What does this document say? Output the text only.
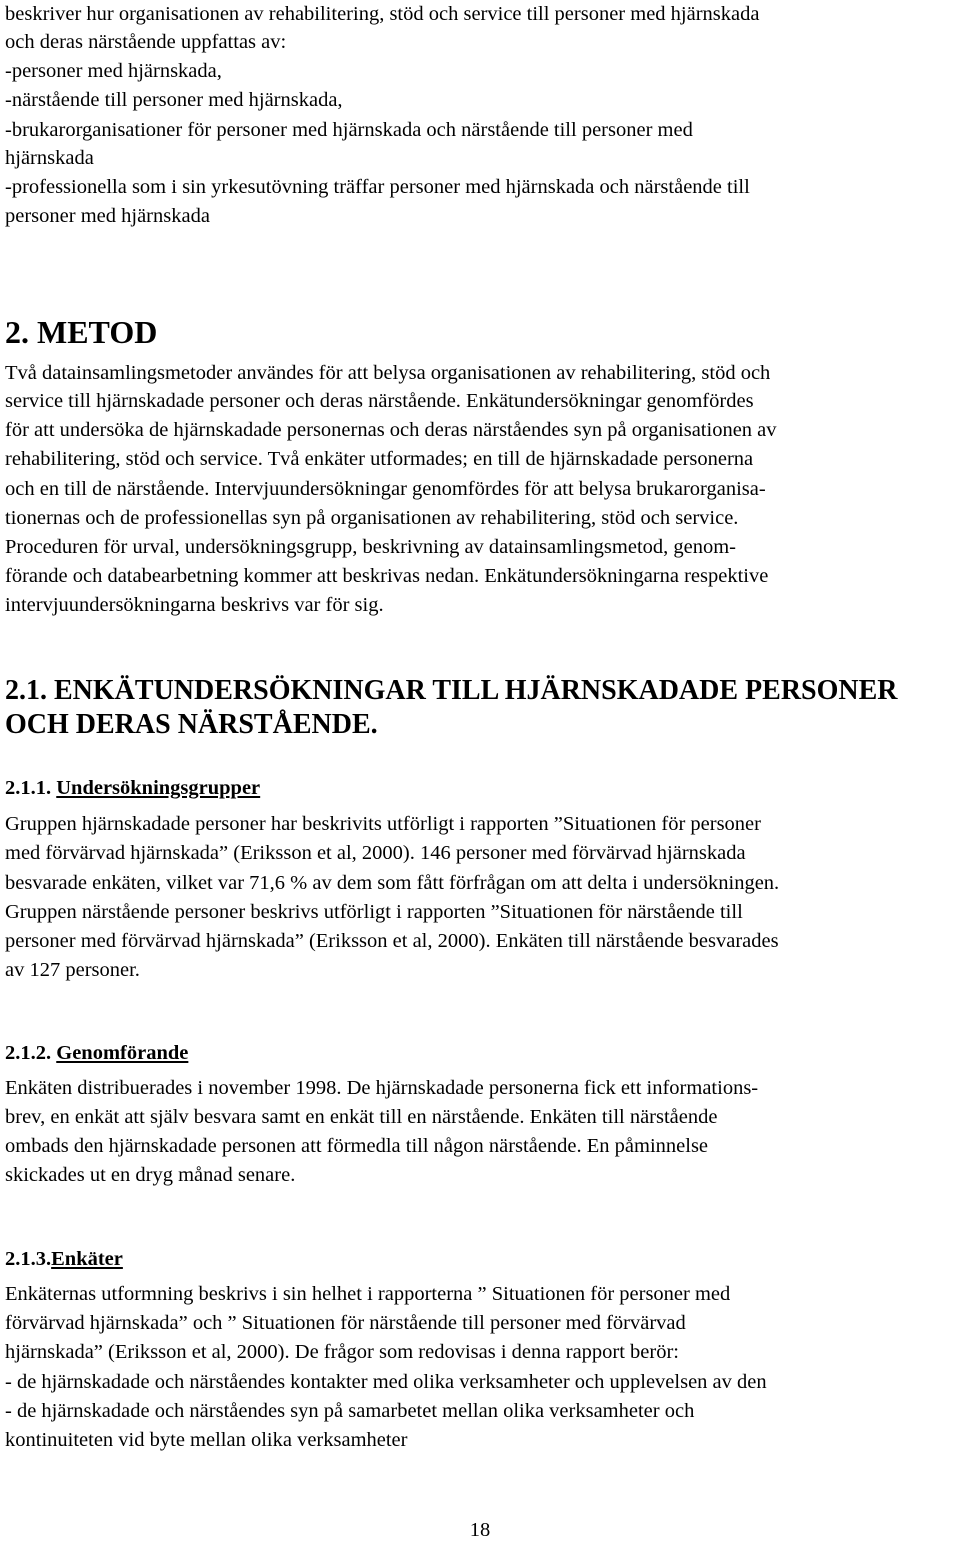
beskriver hur organisationen av rehabilitering, stöd och service till personer med hjärnskada
och deras närstående uppfattas av:
-personer med hjärnskada,
-närstående till personer med hjärnskada,
-brukarorganisationer för personer med hjärnskada och närstående till personer med
hjärnskada
-professionella som i sin yrkesutövning träffar personer med hjärnskada och närstående till
personer med hjärnskada
2. METOD
Två datainsamlingsmetoder användes för att belysa organisationen av rehabilitering, stöd och
service till hjärnskadade personer och deras närstående. Enkätundersökningar genomfördes
för att undersöka de hjärnskadade personernas och deras närståendes syn på organisationen av
rehabilitering, stöd och service. Två enkäter utformades; en till de hjärnskadade personerna
och en till de närstående. Intervjuundersökningar genomfördes för att belysa brukarorganisa-
tionernas och de professionellas syn på organisationen av rehabilitering, stöd och service.
Proceduren för urval, undersökningsgrupp, beskrivning av datainsamlingsmetod, genom-
förande och databearbetning kommer att beskrivas nedan. Enkätundersökningarna respektive
intervjuundersökningarna beskrivs var för sig.
2.1. ENKÄTUNDERSÖKNINGAR TILL HJÄRNSKADADE PERSONER
OCH DERAS NÄRSTÅENDE.
2.1.1. Undersökningsgrupper
Gruppen hjärnskadade personer har beskrivits utförligt i rapporten ”Situationen för personer
med förvärvad hjärnskada” (Eriksson et al, 2000). 146 personer med förvärvad hjärnskada
besvarade enkäten, vilket var 71,6 % av dem som fått förfrågan om att delta i undersökningen.
Gruppen närstående personer beskrivs utförligt i rapporten ”Situationen för närstående till
personer med förvärvad hjärnskada” (Eriksson et al, 2000). Enkäten till närstående besvarades
av 127 personer.
2.1.2. Genomförande
Enkäten distribuerades i november 1998. De hjärnskadade personerna fick ett informations-
brev, en enkät att själv besvara samt en enkät till en närstående. Enkäten till närstående
ombads den hjärnskadade personen att förmedla till någon närstående. En påminnelse
skickades ut en dryg månad senare.
2.1.3.Enkäter
Enkäternas utformning beskrivs i sin helhet i rapporterna ” Situationen för personer med
förvärvad hjärnskada” och ” Situationen för närstående till personer med förvärvad
hjärnskada” (Eriksson et al, 2000). De frågor som redovisas i denna rapport berör:
- de hjärnskadade och närståendes kontakter med olika verksamheter och upplevelsen av den
- de hjärnskadade och närståendes syn på samarbetet mellan olika verksamheter och
kontinuiteten vid byte mellan olika verksamheter
18
